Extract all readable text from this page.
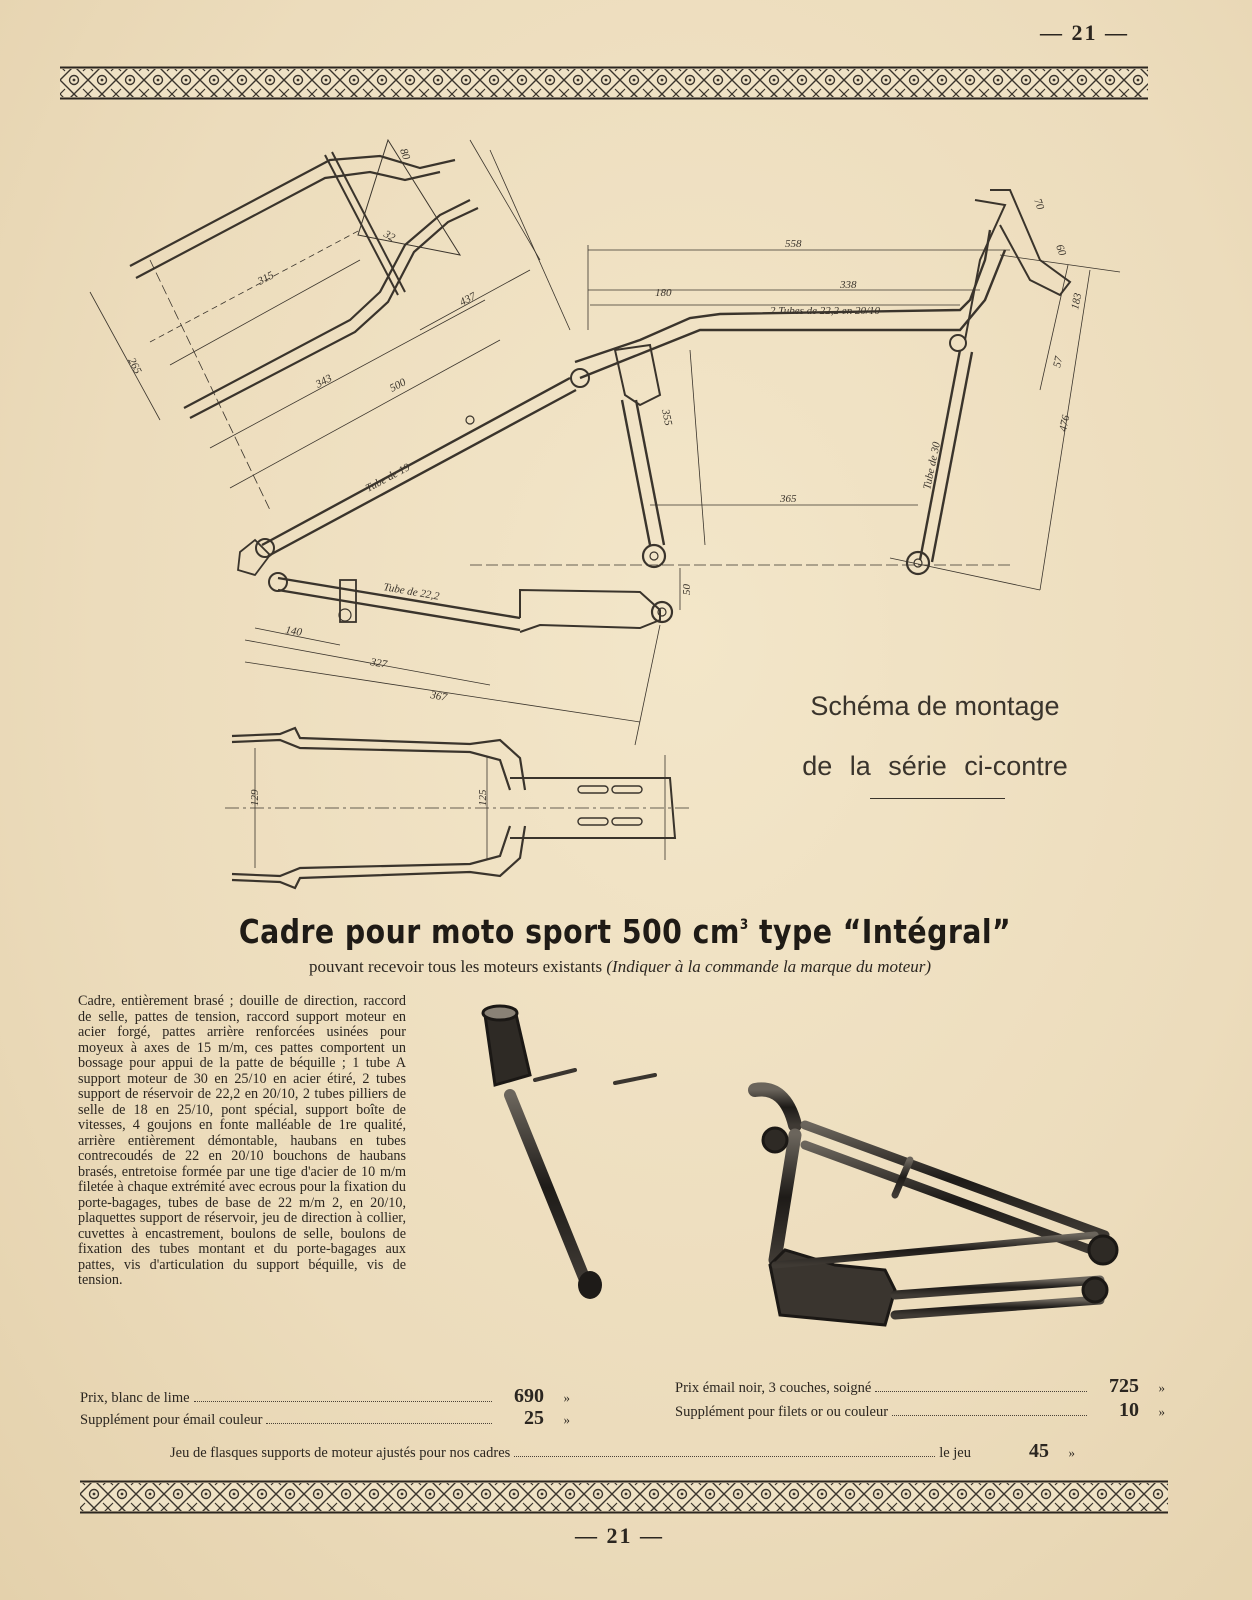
— 21 —
558
338
180
2 Tubes de 22,2 en 20/10
315
500
343
437
265
Tube de 19
365
355
Tube de 30
476
183
57
Tube de 22,2
140
327
367
50
129	125
70
60
32
80
Schéma de montage
de la série ci-contre
Cadre pour moto sport 500 $cm^3$ type “Intégral”
pouvant recevoir tous les moteurs existants (Indiquer à la commande la marque du moteur)
Cadre, entièrement brasé ; douille de direction, raccord de selle, pattes de tension, raccord support moteur en acier forgé, pattes arrière renforcées usinées pour moyeux à axes de 15 m/m, ces pattes comportent un bossage pour appui de la patte de béquille ; 1 tube A support moteur de 30 en 25/10 en acier étiré, 2 tubes support de réservoir de 22,2 en 20/10, 2 tubes pilliers de selle de 18 en 25/10, pont spécial, support boîte de vitesses, 4 goujons en fonte malléable de 1re qualité, arrière entièrement démontable, haubans en tubes contrecoudés de 22 en 20/10 bouchons de haubans brasés, entretoise formée par une tige d'acier de 10 m/m filetée à chaque extrémité avec ecrous pour la fixation du porte-bagages, tubes de base de 22 m/m 2, en 20/10, plaquettes support de réservoir, jeu de direction à collier, cuvettes à encastrement, boulons de selle, boulons de fixation des tubes montant et du porte-bagages aux pattes, vis d'articulation du support béquille, vis de tension.
Prix, blanc de lime	690	»
Supplément pour émail couleur	25	»
Prix émail noir, 3 couches, soigné	725	»
Supplément pour filets or ou couleur	10	»
Jeu de flasques supports de moteur ajustés pour nos cadres	le jeu	45	»
— 21 —
